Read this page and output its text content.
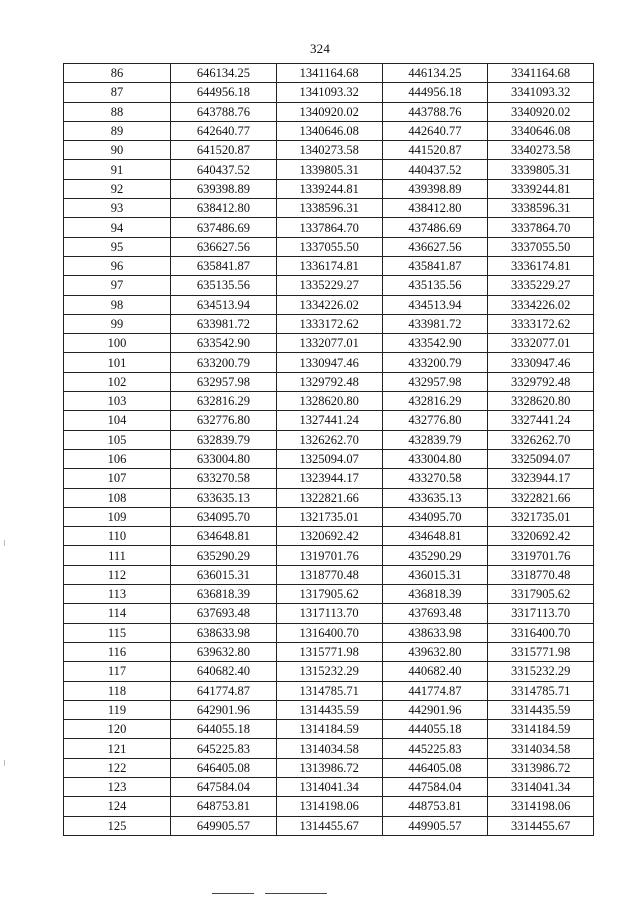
324
86	646134.25	1341164.68	446134.25	3341164.68
87	644956.18	1341093.32	444956.18	3341093.32
88	643788.76	1340920.02	443788.76	3340920.02
89	642640.77	1340646.08	442640.77	3340646.08
90	641520.87	1340273.58	441520.87	3340273.58
91	640437.52	1339805.31	440437.52	3339805.31
92	639398.89	1339244.81	439398.89	3339244.81
93	638412.80	1338596.31	438412.80	3338596.31
94	637486.69	1337864.70	437486.69	3337864.70
95	636627.56	1337055.50	436627.56	3337055.50
96	635841.87	1336174.81	435841.87	3336174.81
97	635135.56	1335229.27	435135.56	3335229.27
98	634513.94	1334226.02	434513.94	3334226.02
99	633981.72	1333172.62	433981.72	3333172.62
100	633542.90	1332077.01	433542.90	3332077.01
101	633200.79	1330947.46	433200.79	3330947.46
102	632957.98	1329792.48	432957.98	3329792.48
103	632816.29	1328620.80	432816.29	3328620.80
104	632776.80	1327441.24	432776.80	3327441.24
105	632839.79	1326262.70	432839.79	3326262.70
106	633004.80	1325094.07	433004.80	3325094.07
107	633270.58	1323944.17	433270.58	3323944.17
108	633635.13	1322821.66	433635.13	3322821.66
109	634095.70	1321735.01	434095.70	3321735.01
110	634648.81	1320692.42	434648.81	3320692.42
111	635290.29	1319701.76	435290.29	3319701.76
112	636015.31	1318770.48	436015.31	3318770.48
113	636818.39	1317905.62	436818.39	3317905.62
114	637693.48	1317113.70	437693.48	3317113.70
115	638633.98	1316400.70	438633.98	3316400.70
116	639632.80	1315771.98	439632.80	3315771.98
117	640682.40	1315232.29	440682.40	3315232.29
118	641774.87	1314785.71	441774.87	3314785.71
119	642901.96	1314435.59	442901.96	3314435.59
120	644055.18	1314184.59	444055.18	3314184.59
121	645225.83	1314034.58	445225.83	3314034.58
122	646405.08	1313986.72	446405.08	3313986.72
123	647584.04	1314041.34	447584.04	3314041.34
124	648753.81	1314198.06	448753.81	3314198.06
125	649905.57	1314455.67	449905.57	3314455.67
